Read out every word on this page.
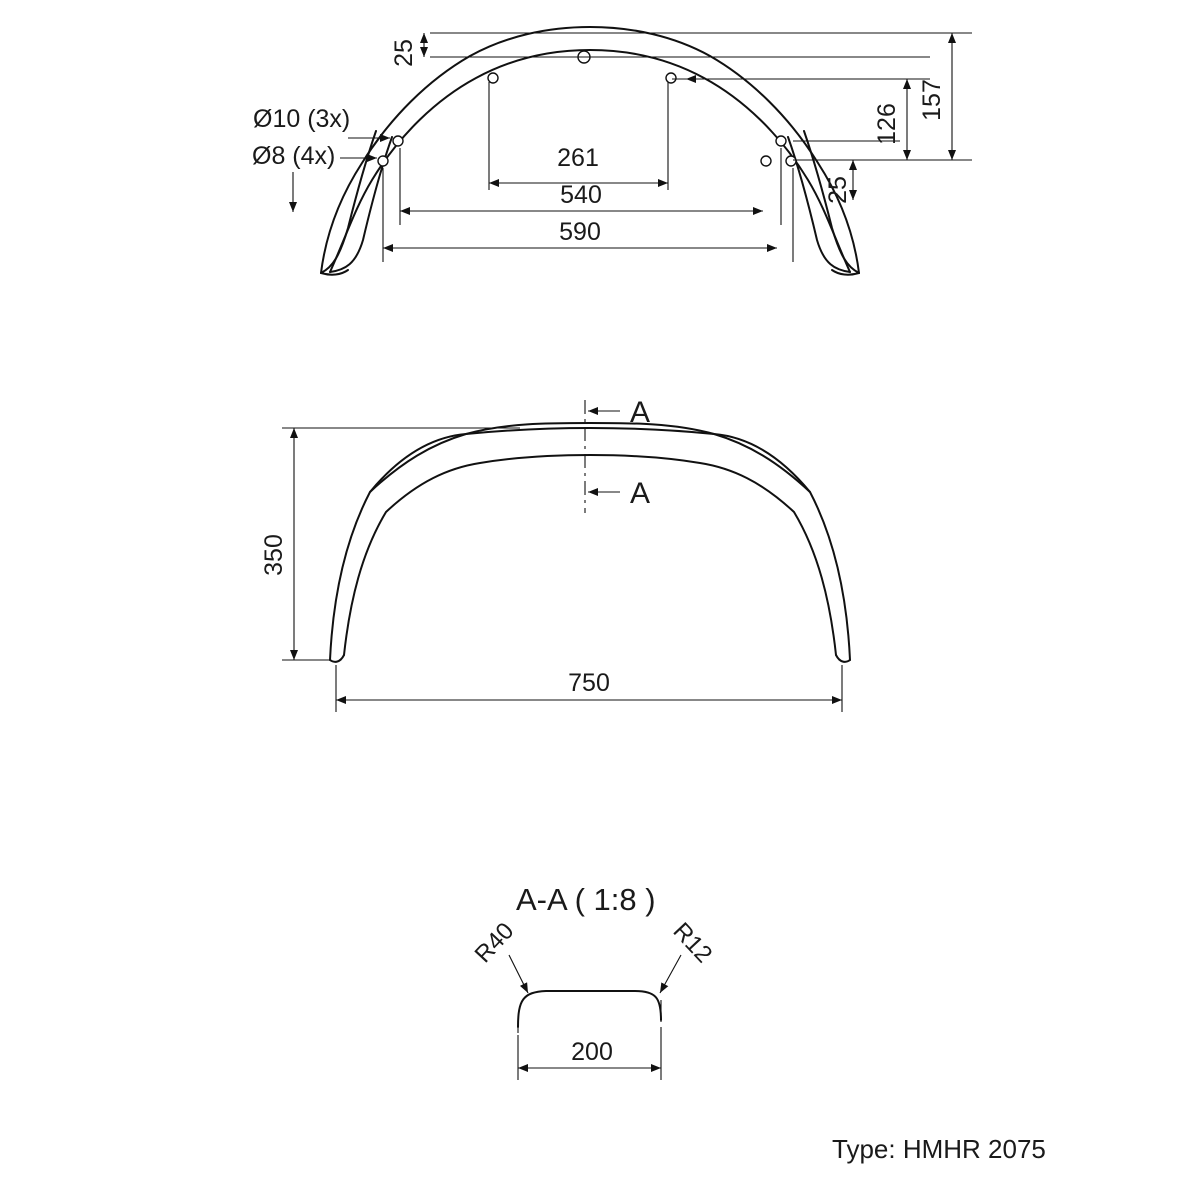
25
157
126
25
261
540
590
Ø10 (3x)
Ø8 (4x)
A
A
350
750
A-A ( 1:8 )
R40	R12
200
Type: HMHR 2075
